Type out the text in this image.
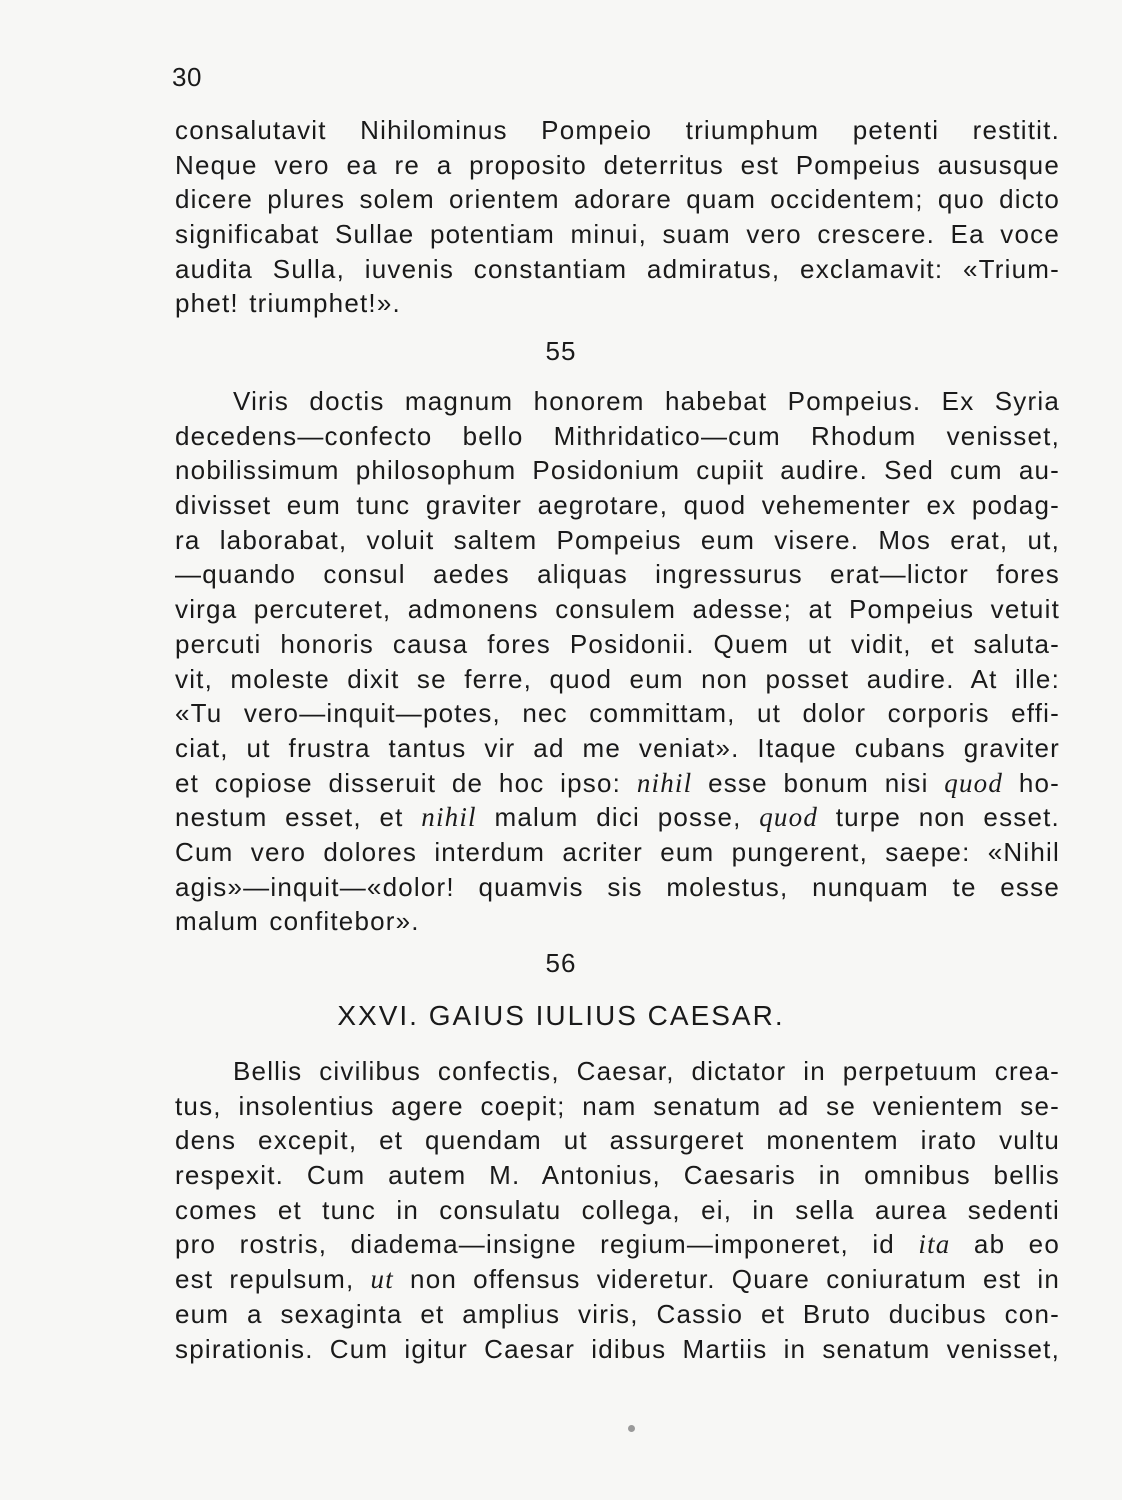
30
consalutavit Nihilominus Pompeio triumphum petenti restitit.
Neque vero ea re a proposito deterritus est Pompeius aususque
dicere plures solem orientem adorare quam occidentem; quo dicto
significabat Sullae potentiam minui, suam vero crescere. Ea voce
audita Sulla, iuvenis constantiam admiratus, exclamavit: «Trium-
phet! triumphet!».
55
Viris doctis magnum honorem habebat Pompeius. Ex Syria
decedens—confecto bello Mithridatico—cum Rhodum venisset,
nobilissimum philosophum Posidonium cupiit audire. Sed cum au-
divisset eum tunc graviter aegrotare, quod vehementer ex podag-
ra laborabat, voluit saltem Pompeius eum visere. Mos erat, ut,
—quando consul aedes aliquas ingressurus erat—lictor fores
virga percuteret, admonens consulem adesse; at Pompeius vetuit
percuti honoris causa fores Posidonii. Quem ut vidit, et saluta-
vit, moleste dixit se ferre, quod eum non posset audire. At ille:
«Tu vero—inquit—potes, nec committam, ut dolor corporis effi-
ciat, ut frustra tantus vir ad me veniat». Itaque cubans graviter
et copiose disseruit de hoc ipso: nihil esse bonum nisi quod ho-
nestum esset, et nihil malum dici posse, quod turpe non esset.
Cum vero dolores interdum acriter eum pungerent, saepe: «Nihil
agis»—inquit—«dolor! quamvis sis molestus, nunquam te esse
malum confitebor».
56
XXVI. GAIUS IULIUS CAESAR.
Bellis civilibus confectis, Caesar, dictator in perpetuum crea-
tus, insolentius agere coepit; nam senatum ad se venientem se-
dens excepit, et quendam ut assurgeret monentem irato vultu
respexit. Cum autem M. Antonius, Caesaris in omnibus bellis
comes et tunc in consulatu collega, ei, in sella aurea sedenti
pro rostris, diadema—insigne regium—imponeret, id ita ab eo
est repulsum, ut non offensus videretur. Quare coniuratum est in
eum a sexaginta et amplius viris, Cassio et Bruto ducibus con-
spirationis. Cum igitur Caesar idibus Martiis in senatum venisset,
